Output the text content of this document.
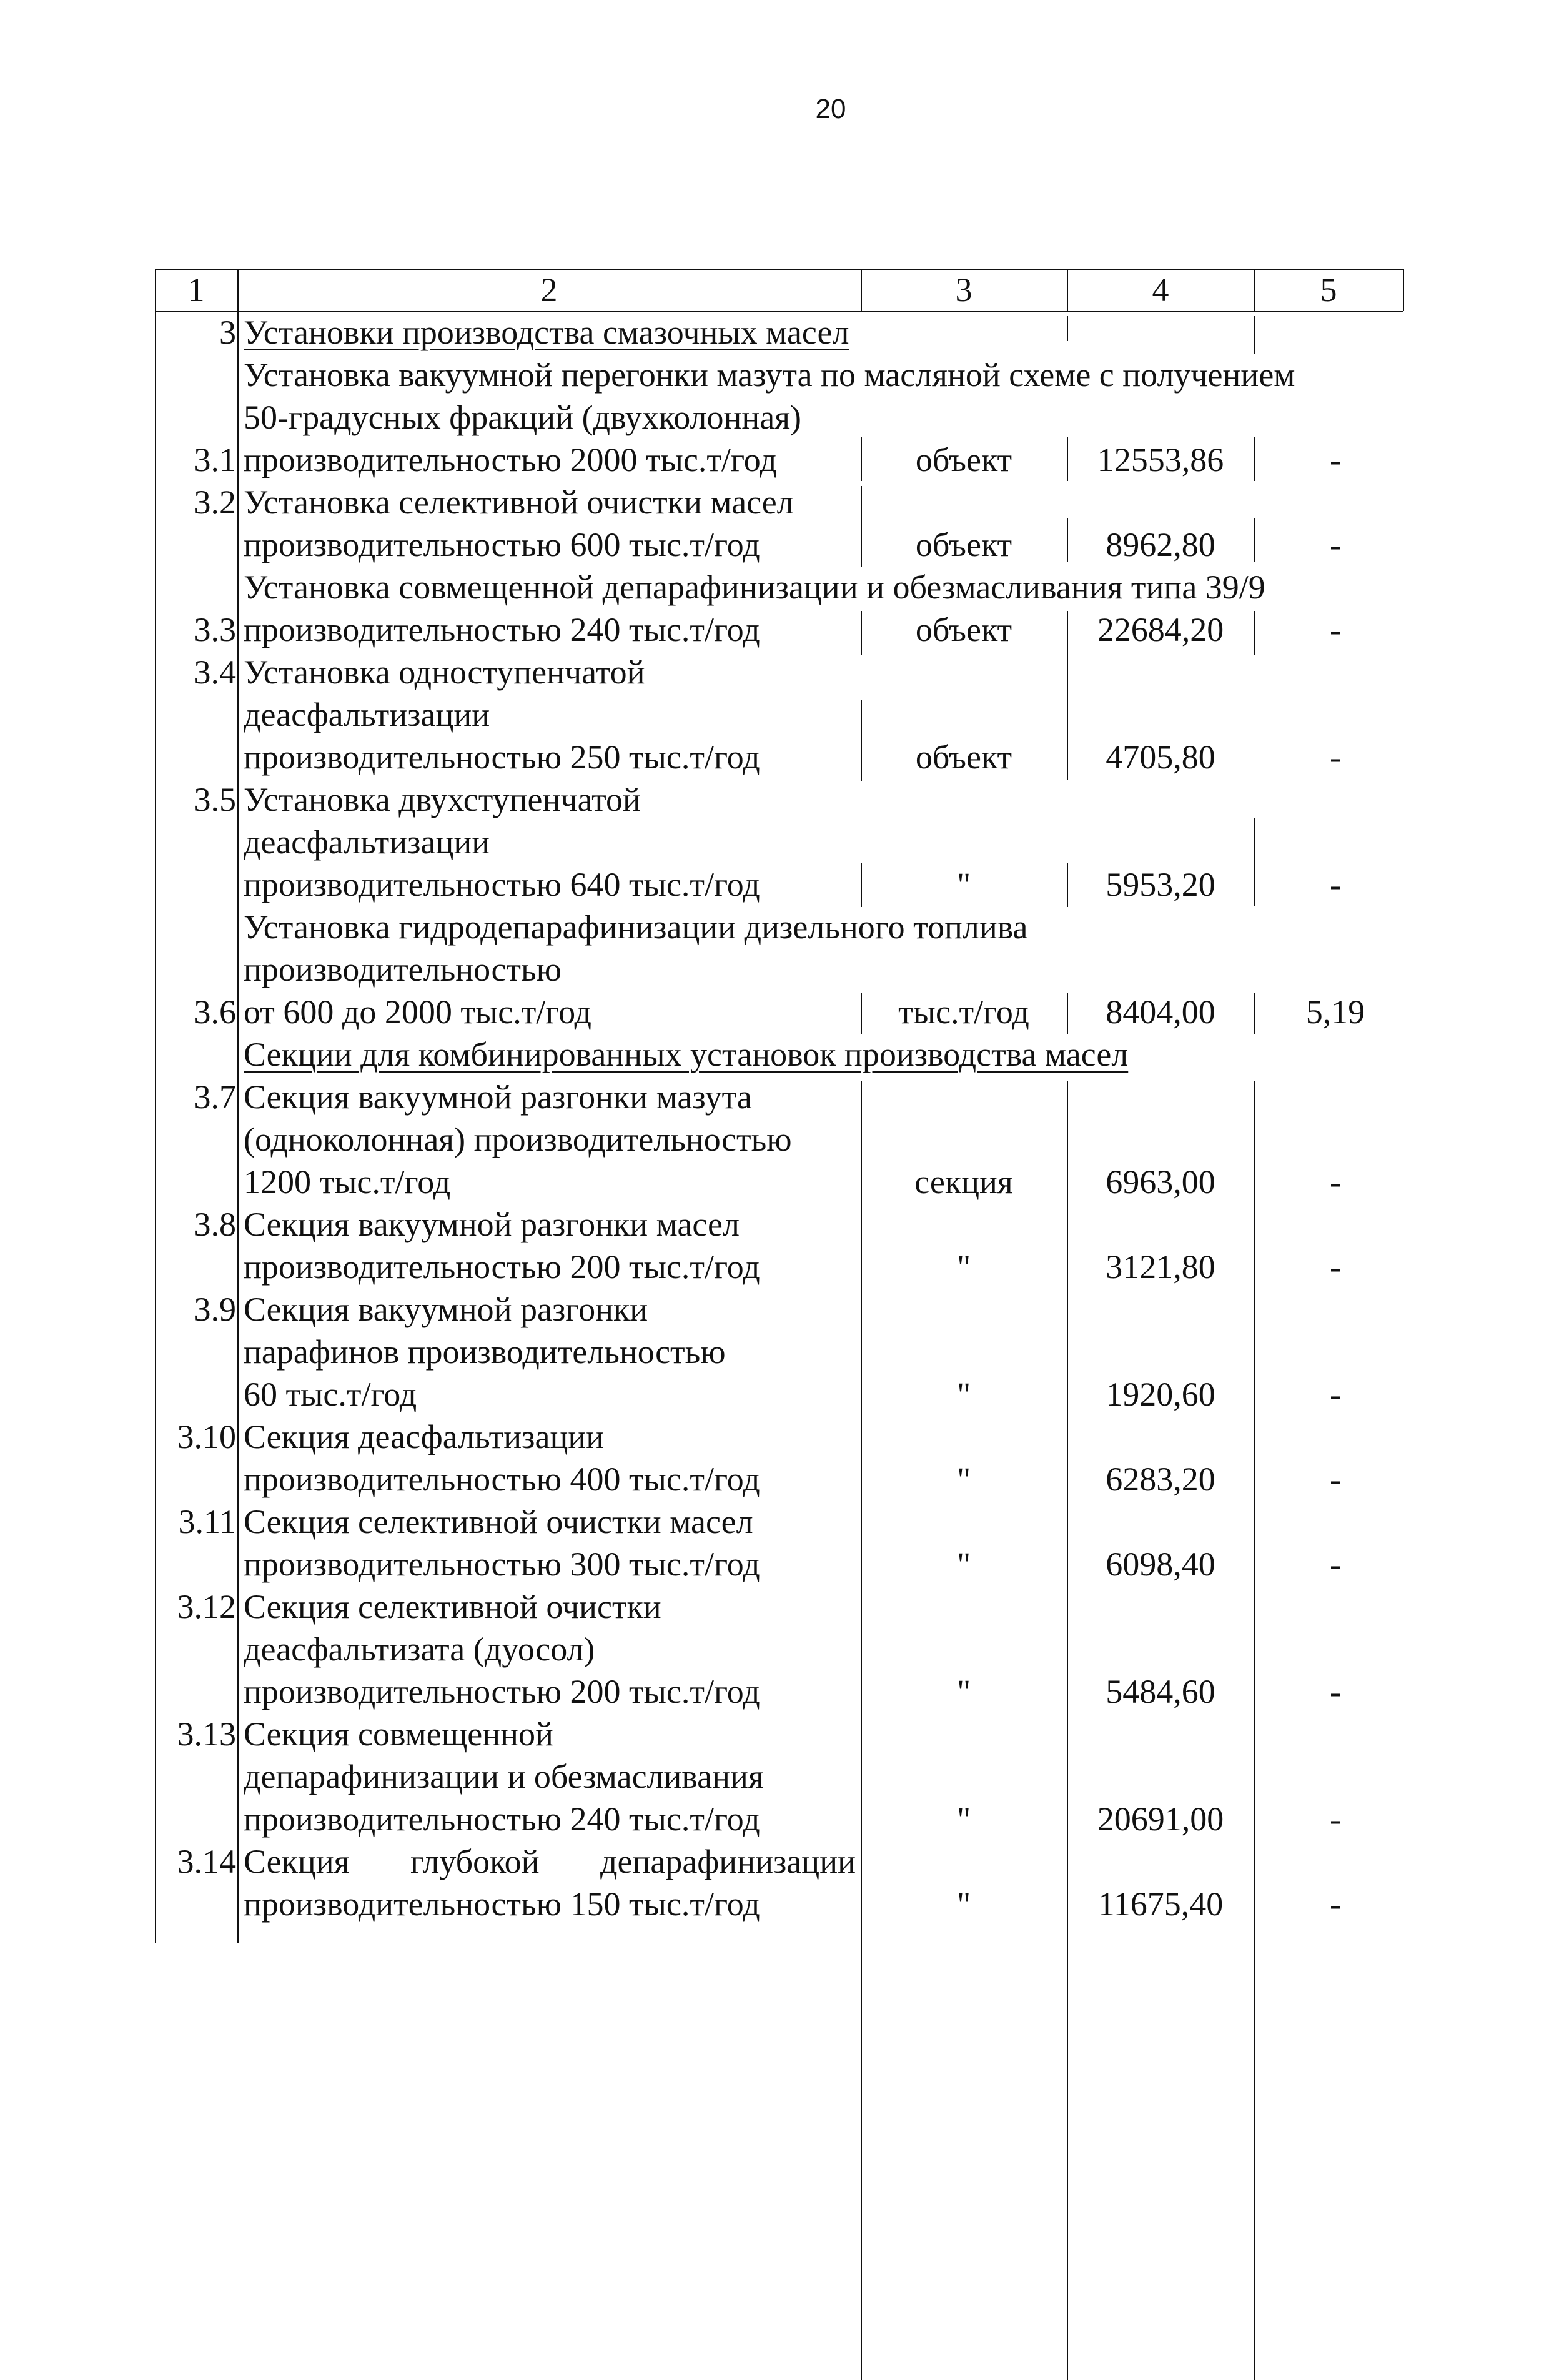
20
1	2	3	4	5
3 Установки производства смазочных масел
Установка вакуумной перегонки мазута по масляной схеме с получением
50-градусных фракций (двухколонная)
3.1 производительностью 2000 тыс.т/год	объект	12553,86	-
3.2 Установка селективной очистки масел
производительностью 600 тыс.т/год	объект	8962,80	-
Установка совмещенной депарафинизации и обезмасливания типа 39/9
3.3 производительностью 240 тыс.т/год	объект	22684,20	-
3.4 Установка одноступенчатой
деасфальтизации
производительностью 250 тыс.т/год	объект	4705,80	-
3.5 Установка двухступенчатой
деасфальтизации
производительностью 640 тыс.т/год	"	5953,20	-
Установка гидродепарафинизации дизельного топлива
производительностью
3.6 от 600 до 2000 тыс.т/год	тыс.т/год	8404,00	5,19
Секции для комбинированных установок производства масел
3.7 Секция вакуумной разгонки мазута
(одноколонная) производительностью
1200 тыс.т/год	секция	6963,00	-
3.8 Секция вакуумной разгонки масел
производительностью 200 тыс.т/год	"	3121,80	-
3.9 Секция вакуумной разгонки
парафинов производительностью
60 тыс.т/год	"	1920,60	-
3.10 Секция деасфальтизации
производительностью 400 тыс.т/год	"	6283,20	-
3.11 Секция селективной очистки масел
производительностью 300 тыс.т/год	"	6098,40	-
3.12 Секция селективной очистки
деасфальтизата (дуосол)
производительностью 200 тыс.т/год	"	5484,60	-
3.13 Секция совмещенной
депарафинизации и обезмасливания
производительностью 240 тыс.т/год	"	20691,00	-
3.14 Секция глубокой депарафинизации
производительностью 150 тыс.т/год	"	11675,40	-
